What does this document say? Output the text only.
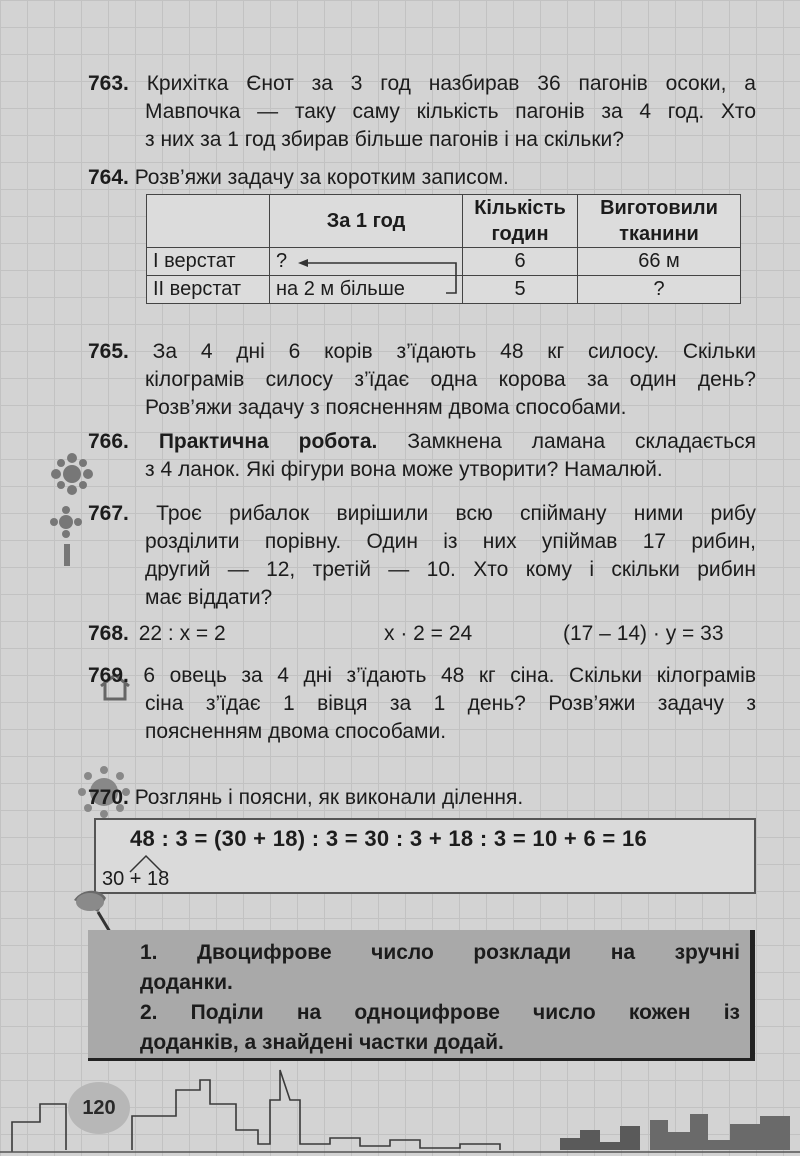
763. Крихітка Єнот за 3 год назбирав 36 пагонів осоки, а

Мавпочка — таку саму кількість пагонів за 4 год. Хто

з них за 1 год збирав більше пагонів і на скільки?

764. Розв’яжи задачу за коротким записом.

	За 1 год	Кількість годин	Виготовили тканини
І верстат	?	6	66 м
ІІ верстат	на 2 м більше	5	?

765. За 4 дні 6 корів з’їдають 48 кг силосу. Скільки

кілограмів силосу з’їдає одна корова за один день?

Розв’яжи задачу з поясненням двома способами.

766. Практична робота. Замкнена ламана складається

з 4 ланок. Які фігури вона може утворити? Намалюй.

767. Троє рибалок вирішили всю спійману ними рибу

розділити порівну. Один із них упіймав 17 рибин,

другий — 12, третій — 10. Хто кому і скільки рибин

має віддати?

768. 22 : x = 2	x · 2 = 24	(17 – 14) · y = 33

769. 6 овець за 4 дні з’їдають 48 кг сіна. Скільки кілограмів

сіна з’їдає 1 вівця за 1 день? Розв’яжи задачу з

поясненням двома способами.

770. Розглянь і поясни, як виконали ділення.

48 : 3 = (30 + 18) : 3 = 30 : 3 + 18 : 3 = 10 + 6 = 16
30 + 18

1. Двоцифрове число розклади на зручні

доданки.

2. Поділи на одноцифрове число кожен із

доданків, а знайдені частки додай.

120
